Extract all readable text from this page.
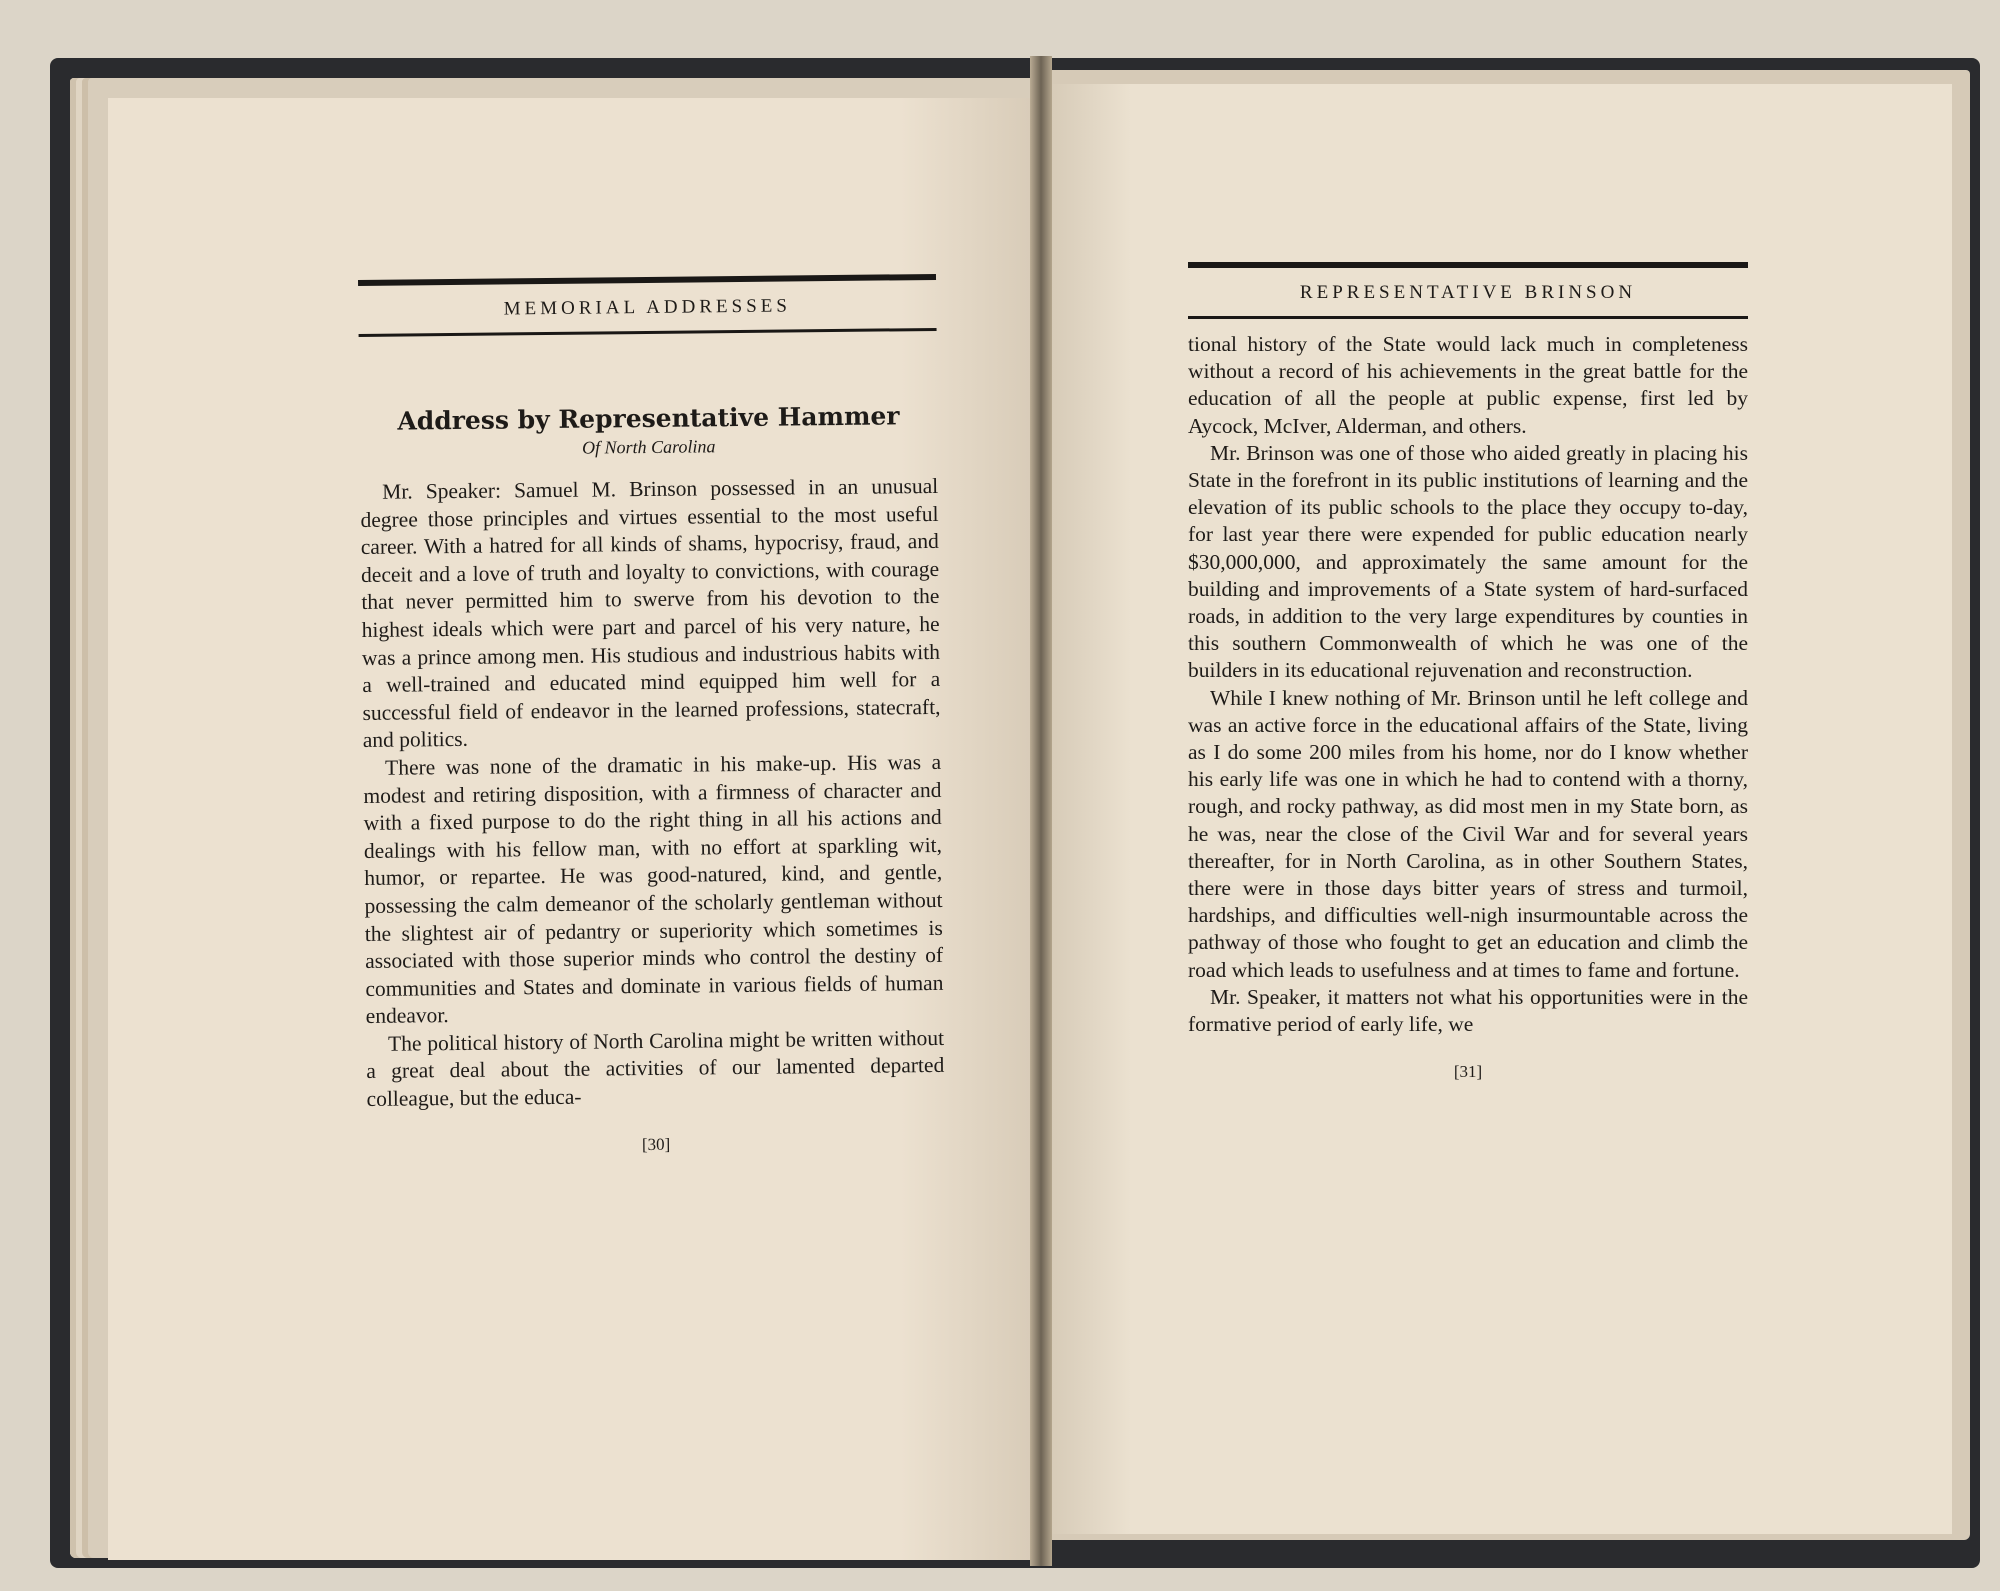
MEMORIAL ADDRESSES
Address by Representative Hammer
Of North Carolina

Mr. Speaker: Samuel M. Brinson possessed in an unusual degree those principles and virtues essential to the most useful career. With a hatred for all kinds of shams, hypocrisy, fraud, and deceit and a love of truth and loyalty to convictions, with courage that never permitted him to swerve from his devotion to the highest ideals which were part and parcel of his very nature, he was a prince among men. His studious and industrious habits with a well-trained and educated mind equipped him well for a successful field of endeavor in the learned professions, statecraft, and politics.

There was none of the dramatic in his make-up. His was a modest and retiring disposition, with a firmness of character and with a fixed purpose to do the right thing in all his actions and dealings with his fellow man, with no effort at sparkling wit, humor, or repartee. He was good-natured, kind, and gentle, possessing the calm demeanor of the scholarly gentleman without the slightest air of pedantry or superiority which sometimes is associated with those superior minds who control the destiny of communities and States and dominate in various fields of human endeavor.

The political history of North Carolina might be written without a great deal about the activities of our lamented departed colleague, but the educa-

[30]
REPRESENTATIVE BRINSON

tional history of the State would lack much in completeness without a record of his achievements in the great battle for the education of all the people at public expense, first led by Aycock, McIver, Alderman, and others.

Mr. Brinson was one of those who aided greatly in placing his State in the forefront in its public institutions of learning and the elevation of its public schools to the place they occupy to-day, for last year there were expended for public education nearly $30,000,000, and approximately the same amount for the building and improvements of a State system of hard-surfaced roads, in addition to the very large expenditures by counties in this southern Commonwealth of which he was one of the builders in its educational rejuvenation and reconstruction.

While I knew nothing of Mr. Brinson until he left college and was an active force in the educational affairs of the State, living as I do some 200 miles from his home, nor do I know whether his early life was one in which he had to contend with a thorny, rough, and rocky pathway, as did most men in my State born, as he was, near the close of the Civil War and for several years thereafter, for in North Carolina, as in other Southern States, there were in those days bitter years of stress and turmoil, hardships, and difficulties well-nigh insurmountable across the pathway of those who fought to get an education and climb the road which leads to usefulness and at times to fame and fortune.

Mr. Speaker, it matters not what his opportunities were in the formative period of early life, we

[31]
